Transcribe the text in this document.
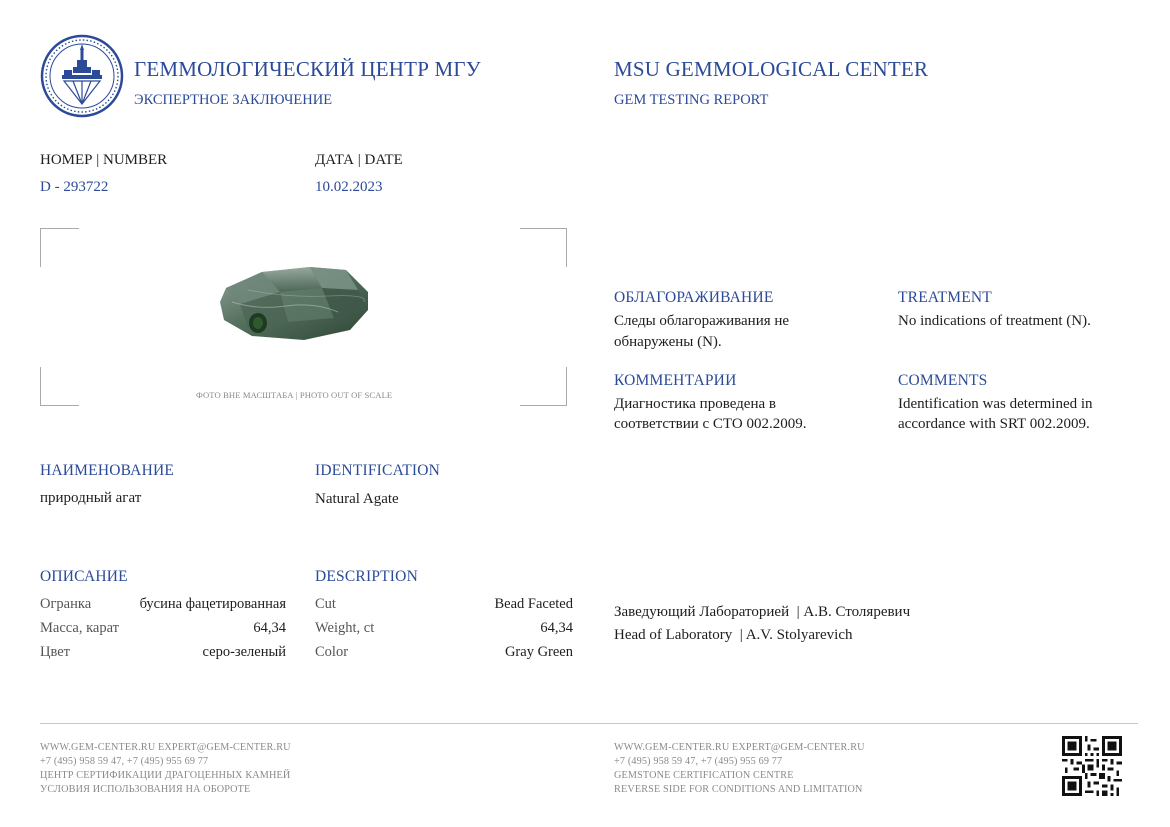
ГЕММОЛОГИЧЕСКИЙ ЦЕНТР МГУ
ЭКСПЕРТНОЕ ЗАКЛЮЧЕНИЕ
MSU GEMMOLOGICAL CENTER
GEM TESTING REPORT
НОМЕР | NUMBER
D - 293722
ДАТА | DATE
10.02.2023
ФОТО ВНЕ МАСШТАБА | PHOTO OUT OF SCALE
НАИМЕНОВАНИЕ
природный агат
IDENTIFICATION
Natural Agate
ОПИСАНИЕ	DESCRIPTION
Огранка	бусина фацетированная
Масса, карат	64,34
Цвет	серо-зеленый
Cut	Bead Faceted
Weight, ct	64,34
Color	Gray Green
ОБЛАГОРАЖИВАНИЕ
Следы облагораживания не
обнаружены (N).
TREATMENT
No indications of treatment (N).
КОММЕНТАРИИ
Диагностика проведена в
соответствии с СТО 002.2009.
COMMENTS
Identification was determined in
accordance with SRT 002.2009.
Заведующий Лабораторией  | А.В. Столяревич
Head of Laboratory  | A.V. Stolyarevich
WWW.GEM-CENTER.RU EXPERT@GEM-CENTER.RU
+7 (495) 958 59 47, +7 (495) 955 69 77
ЦЕНТР СЕРТИФИКАЦИИ ДРАГОЦЕННЫХ КАМНЕЙ
УСЛОВИЯ ИСПОЛЬЗОВАНИЯ НА ОБОРОТЕ
WWW.GEM-CENTER.RU EXPERT@GEM-CENTER.RU
+7 (495) 958 59 47, +7 (495) 955 69 77
GEMSTONE CERTIFICATION CENTRE
REVERSE SIDE FOR CONDITIONS AND LIMITATION
